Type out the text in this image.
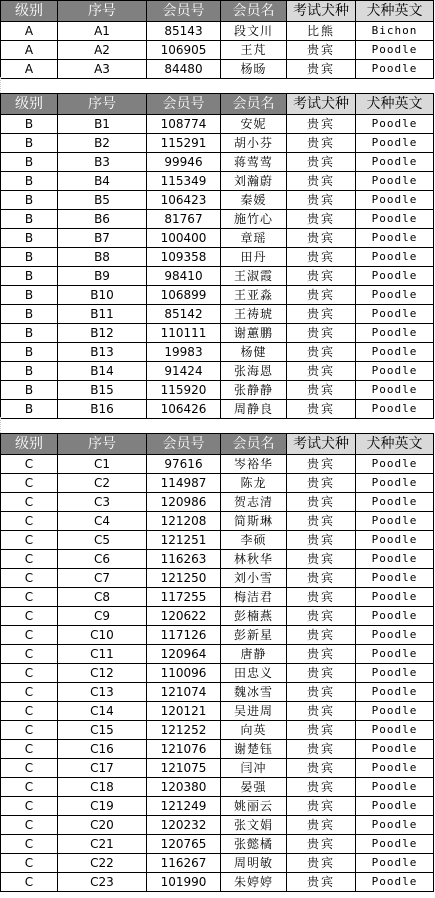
级别	序号	会员号	会员名	考试犬种	犬种英文
A	A1	85143	段文川	比熊	Bichon
A	A2	106905	王芃	贵宾	Poodle
A	A3	84480	杨旸	贵宾	Poodle
级别	序号	会员号	会员名	考试犬种	犬种英文
B	B1	108774	安妮	贵宾	Poodle
B	B2	115291	胡小芬	贵宾	Poodle
B	B3	99946	蒋莺莺	贵宾	Poodle
B	B4	115349	刘瀚蔚	贵宾	Poodle
B	B5	106423	秦媛	贵宾	Poodle
B	B6	81767	施竹心	贵宾	Poodle
B	B7	100400	章瑶	贵宾	Poodle
B	B8	109358	田丹	贵宾	Poodle
B	B9	98410	王淑霞	贵宾	Poodle
B	B10	106899	王亚淼	贵宾	Poodle
B	B11	85142	王祷琥	贵宾	Poodle
B	B12	110111	谢蕙鹏	贵宾	Poodle
B	B13	19983	杨健	贵宾	Poodle
B	B14	91424	张海恩	贵宾	Poodle
B	B15	115920	张静静	贵宾	Poodle
B	B16	106426	周静良	贵宾	Poodle
级别	序号	会员号	会员名	考试犬种	犬种英文
C	C1	97616	岑裕华	贵宾	Poodle
C	C2	114987	陈龙	贵宾	Poodle
C	C3	120986	贺志清	贵宾	Poodle
C	C4	121208	简斯琳	贵宾	Poodle
C	C5	121251	李硕	贵宾	Poodle
C	C6	116263	林秋华	贵宾	Poodle
C	C7	121250	刘小雪	贵宾	Poodle
C	C8	117255	梅洁君	贵宾	Poodle
C	C9	120622	彭楠燕	贵宾	Poodle
C	C10	117126	彭新星	贵宾	Poodle
C	C11	120964	唐静	贵宾	Poodle
C	C12	110096	田忠义	贵宾	Poodle
C	C13	121074	魏冰雪	贵宾	Poodle
C	C14	120121	吴进周	贵宾	Poodle
C	C15	121252	向英	贵宾	Poodle
C	C16	121076	谢楚钰	贵宾	Poodle
C	C17	121075	闫冲	贵宾	Poodle
C	C18	120380	晏强	贵宾	Poodle
C	C19	121249	姚丽云	贵宾	Poodle
C	C20	120232	张文娟	贵宾	Poodle
C	C21	120765	张懿橘	贵宾	Poodle
C	C22	116267	周明敏	贵宾	Poodle
C	C23	101990	朱婷婷	贵宾	Poodle
